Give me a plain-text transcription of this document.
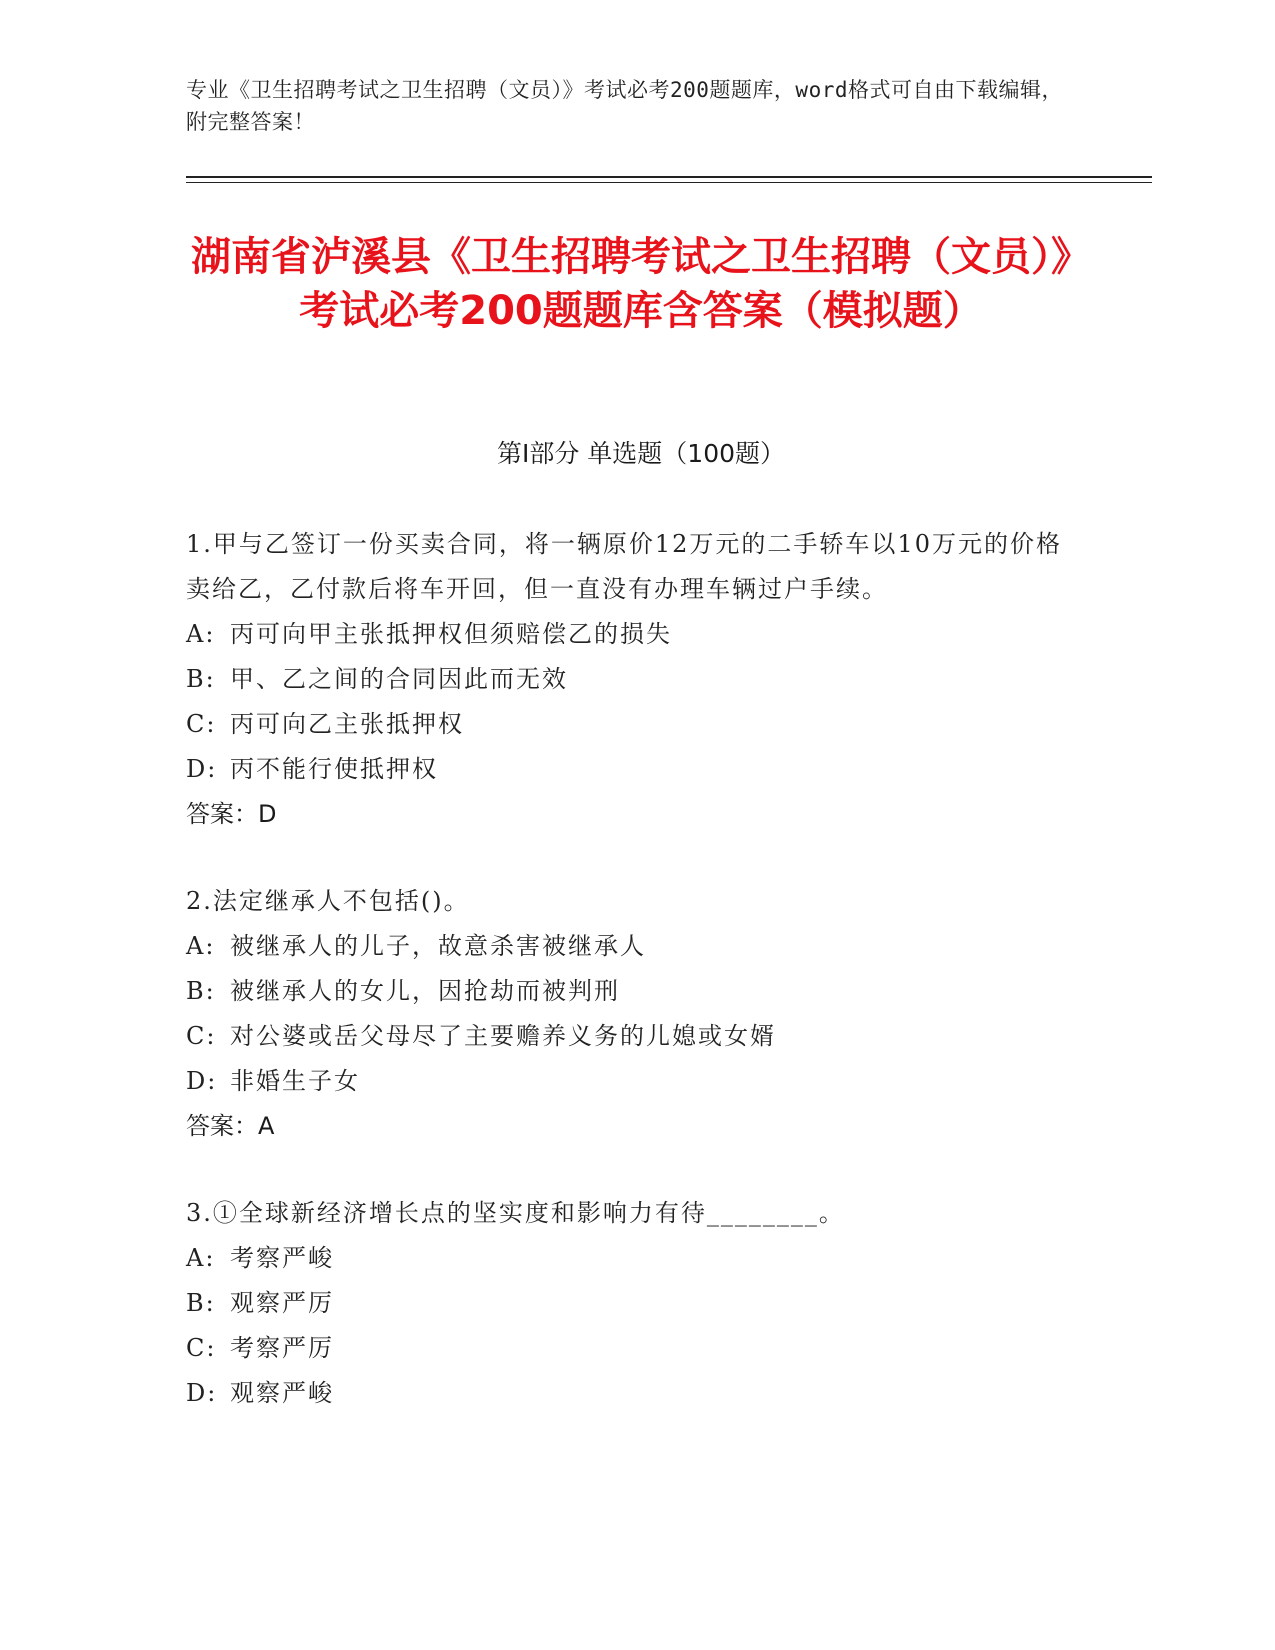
专业《卫生招聘考试之卫生招聘（文员）》考试必考200题题库，word格式可自由下载编辑，附完整答案！
湖南省泸溪县《卫生招聘考试之卫生招聘（文员）》考试必考200题题库含答案（模拟题）
第Ⅰ部分 单选题（100题）
1.甲与乙签订一份买卖合同，将一辆原价12万元的二手轿车以10万元的价格卖给乙，乙付款后将车开回，但一直没有办理车辆过户手续。
A: 丙可向甲主张抵押权但须赔偿乙的损失
B: 甲、乙之间的合同因此而无效
C: 丙可向乙主张抵押权
D: 丙不能行使抵押权
答案：D
2.法定继承人不包括()。
A: 被继承人的儿子，故意杀害被继承人
B: 被继承人的女儿，因抢劫而被判刑
C: 对公婆或岳父母尽了主要赡养义务的儿媳或女婿
D: 非婚生子女
答案：A
3.①全球新经济增长点的坚实度和影响力有待________。
A: 考察严峻
B: 观察严厉
C: 考察严厉
D: 观察严峻
